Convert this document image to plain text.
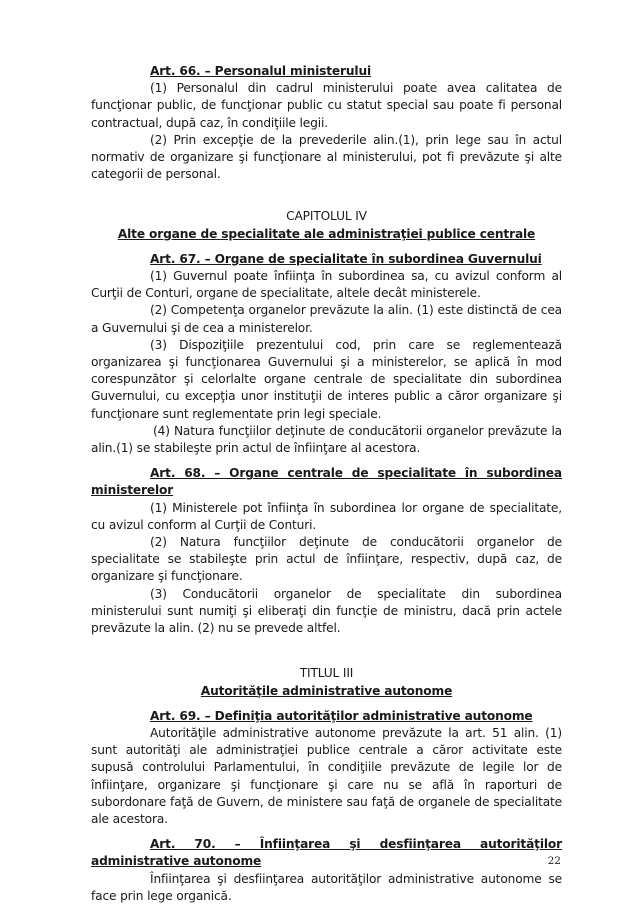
Art. 66. – Personalul ministerului

(1) Personalul din cadrul ministerului poate avea calitatea de funcţionar public, de funcţionar public cu statut special sau poate fi personal contractual, după caz, în condiţiile legii.

(2) Prin excepţie de la prevederile alin.(1), prin lege sau în actul normativ de organizare şi funcţionare al ministerului, pot fi prevăzute şi alte categorii de personal.

CAPITOLUL IV

Alte organe de specialitate ale administraţiei publice centrale

Art. 67. – Organe de specialitate în subordinea Guvernului

(1) Guvernul poate înfiinţa în subordinea sa, cu avizul conform al Curţii de Conturi, organe de specialitate, altele decât ministerele.

(2) Competenţa organelor prevăzute la alin. (1) este distinctă de cea a Guvernului şi de cea a ministerelor.

(3) Dispoziţiile prezentului cod, prin care se reglementează organizarea şi funcţionarea Guvernului şi a ministerelor, se aplică în mod corespunzător şi celorlalte organe centrale de specialitate din subordinea Guvernului, cu excepţia unor instituţii de interes public a căror organizare şi funcţionare sunt reglementate prin legi speciale.

(4) Natura funcţiilor deţinute de conducătorii organelor prevăzute la alin.(1) se stabileşte prin actul de înfiinţare al acestora.

Art. 68. – Organe centrale de specialitate în subordinea ministerelor

(1) Ministerele pot înfiinţa în subordinea lor organe de specialitate, cu avizul conform al Curţii de Conturi.

(2) Natura funcţiilor deţinute de conducătorii organelor de specialitate se stabileşte prin actul de înfiinţare, respectiv, după caz, de organizare şi funcţionare.

(3) Conducătorii organelor de specialitate din subordinea ministerului sunt numiţi şi eliberaţi din funcţie de ministru, dacă prin actele prevăzute la alin. (2) nu se prevede altfel.

TITLUL III

Autorităţile administrative autonome

Art. 69. – Definiţia autorităţilor administrative autonome

Autorităţile administrative autonome prevăzute la art. 51 alin. (1) sunt autorităţi ale administraţiei publice centrale a căror activitate este supusă controlului Parlamentului, în condiţiile prevăzute de legile lor de înfiinţare, organizare şi funcţionare şi care nu se află în raporturi de subordonare faţă de Guvern, de ministere sau faţă de organele de specialitate ale acestora.

Art. 70. – Înfiinţarea şi desfiinţarea autorităţilor administrative autonome

Înfiinţarea şi desfiinţarea autorităţilor administrative autonome se face prin lege organică.

22
